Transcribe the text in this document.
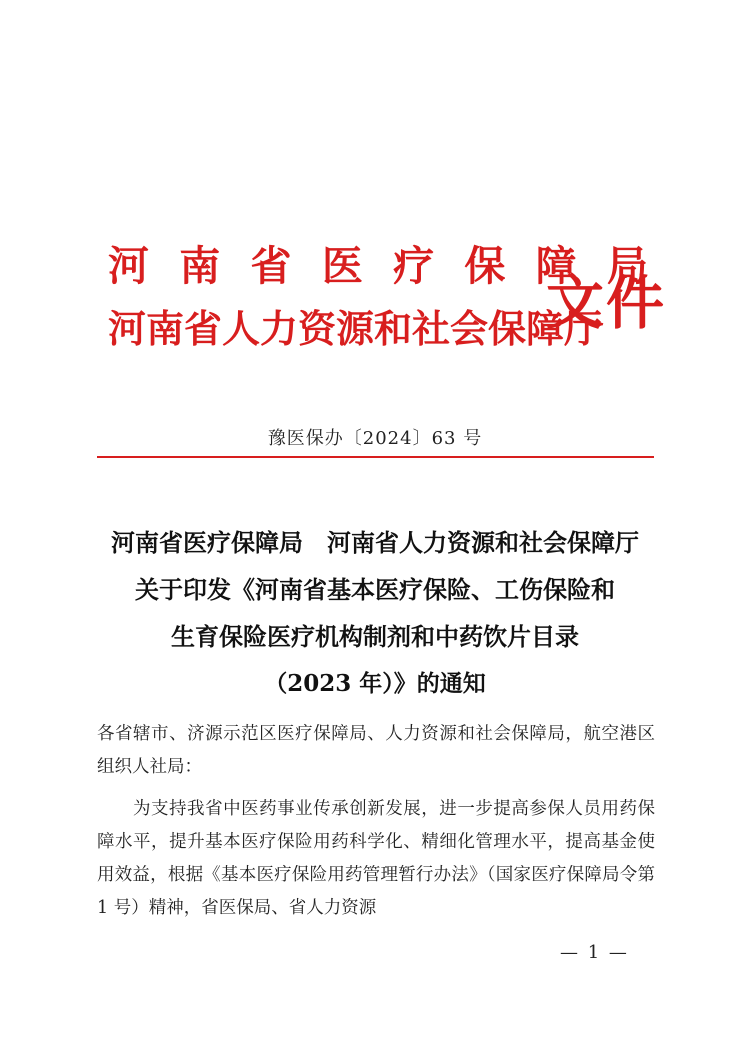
河 南 省 医 疗 保 障 局
河南省人力资源和社会保障厅
文件
豫医保办〔2024〕63 号
河南省医疗保障局　河南省人力资源和社会保障厅
关于印发《河南省基本医疗保险、工伤保险和
生育保险医疗机构制剂和中药饮片目录
（2023 年）》的通知
各省辖市、济源示范区医疗保障局、人力资源和社会保障局，航空港区组织人社局：
为支持我省中医药事业传承创新发展，进一步提高参保人员用药保障水平，提升基本医疗保险用药科学化、精细化管理水平，提高基金使用效益，根据《基本医疗保险用药管理暂行办法》（国家医疗保障局令第 1 号）精神，省医保局、省人力资源
— 1 —
